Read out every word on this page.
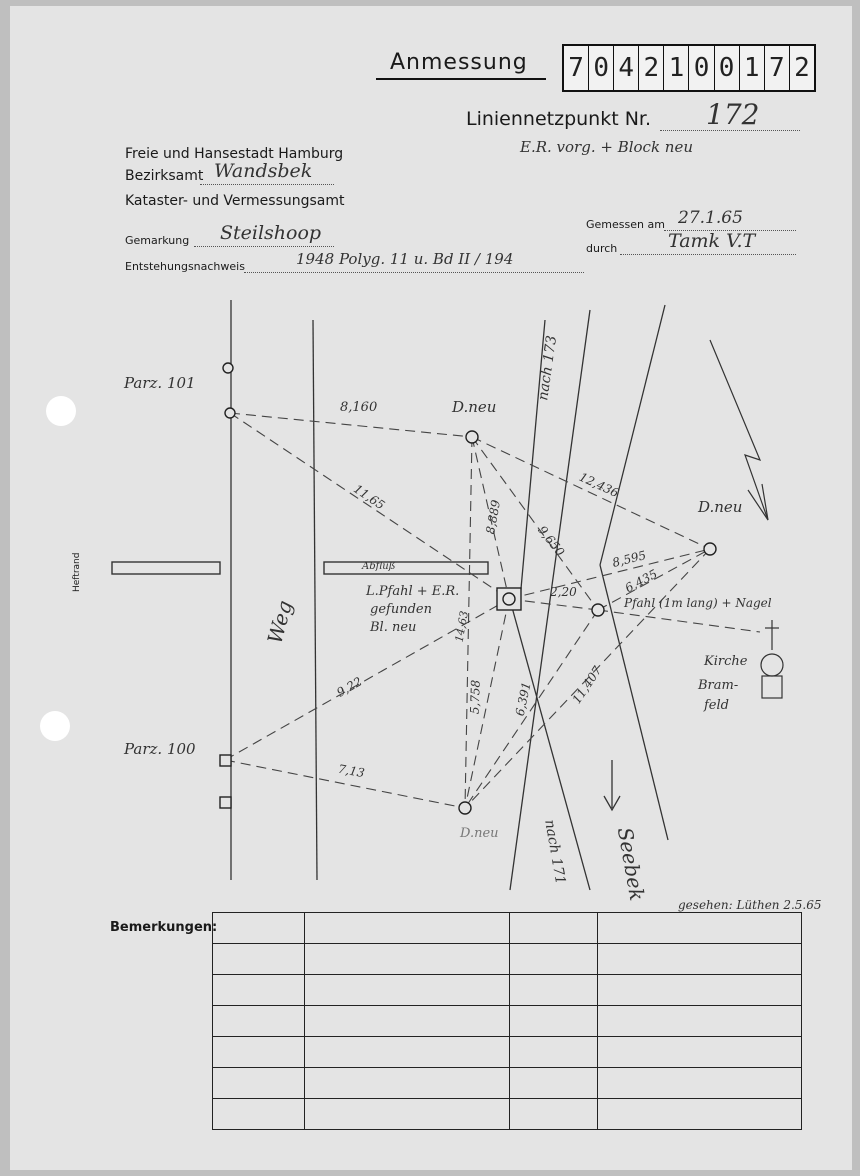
Anmessung 7 0 4 2 1 0 0 1 7 2
Liniennetzpunkt Nr. 172
E.R. vorg. + Block neu
Freie und Hansestadt Hamburg
Bezirksamt Wandsbek
Kataster- und Vermessungsamt
Gemarkung Steilshoop
Entstehungsnachweis	1948 Polyg. 11 u. Bd II / 194
Gemessen am 27.1.65
durch	Tamk V.T
Heftrand
Parz. 101
Parz. 100
Weg
Abfluß
D.neu
D.neu
D.neu
nach 173
nach 171 Seebek
L.Pfahl + E.R.
gefunden
Bl. neu
Pfahl (1m lang) + Nagel
Kirche
Bram-
feld
8,160
11,65	12,436
8,889
9,650
8,595
6,435
2,20
14,63
5,758 6,391	11,407
9,22
7,13
gesehen: Lüthen 2.5.65
Bemerkungen:
